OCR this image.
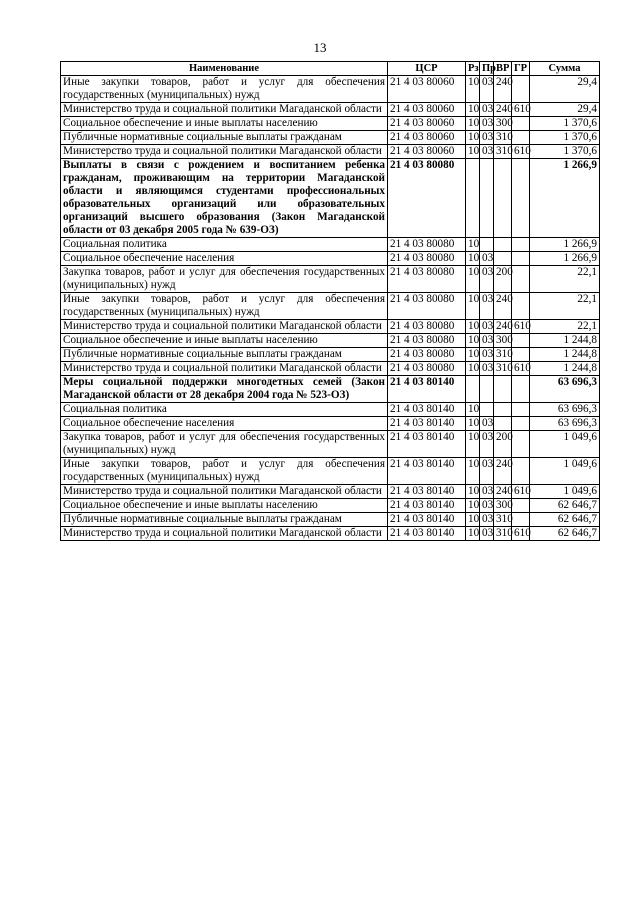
13
Наименование	ЦСР	Рз	Пр	ВР	ГР	Сумма
Иные закупки товаров, работ и услуг для обеспечения государственных (муниципальных) нужд	21 4 03 80060	10	03	240		29,4
Министерство труда и социальной политики Магаданской области	21 4 03 80060	10	03	240	610	29,4
Социальное обеспечение и иные выплаты населению	21 4 03 80060	10	03	300		1 370,6
Публичные нормативные социальные выплаты гражданам	21 4 03 80060	10	03	310		1 370,6
Министерство труда и социальной политики Магаданской области	21 4 03 80060	10	03	310	610	1 370,6
Выплаты в связи с рождением и воспитанием ребенка гражданам, проживающим на территории Магаданской области и являющимся студентами профессиональных образовательных организаций или образовательных организаций высшего образования (Закон Магаданской области от 03 декабря 2005 года № 639-ОЗ)	21 4 03 80080					1 266,9
Социальная политика	21 4 03 80080	10				1 266,9
Социальное обеспечение населения	21 4 03 80080	10	03			1 266,9
Закупка товаров, работ и услуг для обеспечения государственных (муниципальных) нужд	21 4 03 80080	10	03	200		22,1
Иные закупки товаров, работ и услуг для обеспечения государственных (муниципальных) нужд	21 4 03 80080	10	03	240		22,1
Министерство труда и социальной политики Магаданской области	21 4 03 80080	10	03	240	610	22,1
Социальное обеспечение и иные выплаты населению	21 4 03 80080	10	03	300		1 244,8
Публичные нормативные социальные выплаты гражданам	21 4 03 80080	10	03	310		1 244,8
Министерство труда и социальной политики Магаданской области	21 4 03 80080	10	03	310	610	1 244,8
Меры социальной поддержки многодетных семей (Закон Магаданской области от 28 декабря 2004 года № 523-ОЗ)	21 4 03 80140					63 696,3
Социальная политика	21 4 03 80140	10				63 696,3
Социальное обеспечение населения	21 4 03 80140	10	03			63 696,3
Закупка товаров, работ и услуг для обеспечения государственных (муниципальных) нужд	21 4 03 80140	10	03	200		1 049,6
Иные закупки товаров, работ и услуг для обеспечения государственных (муниципальных) нужд	21 4 03 80140	10	03	240		1 049,6
Министерство труда и социальной политики Магаданской области	21 4 03 80140	10	03	240	610	1 049,6
Социальное обеспечение и иные выплаты населению	21 4 03 80140	10	03	300		62 646,7
Публичные нормативные социальные выплаты гражданам	21 4 03 80140	10	03	310		62 646,7
Министерство труда и социальной политики Магаданской области	21 4 03 80140	10	03	310	610	62 646,7
